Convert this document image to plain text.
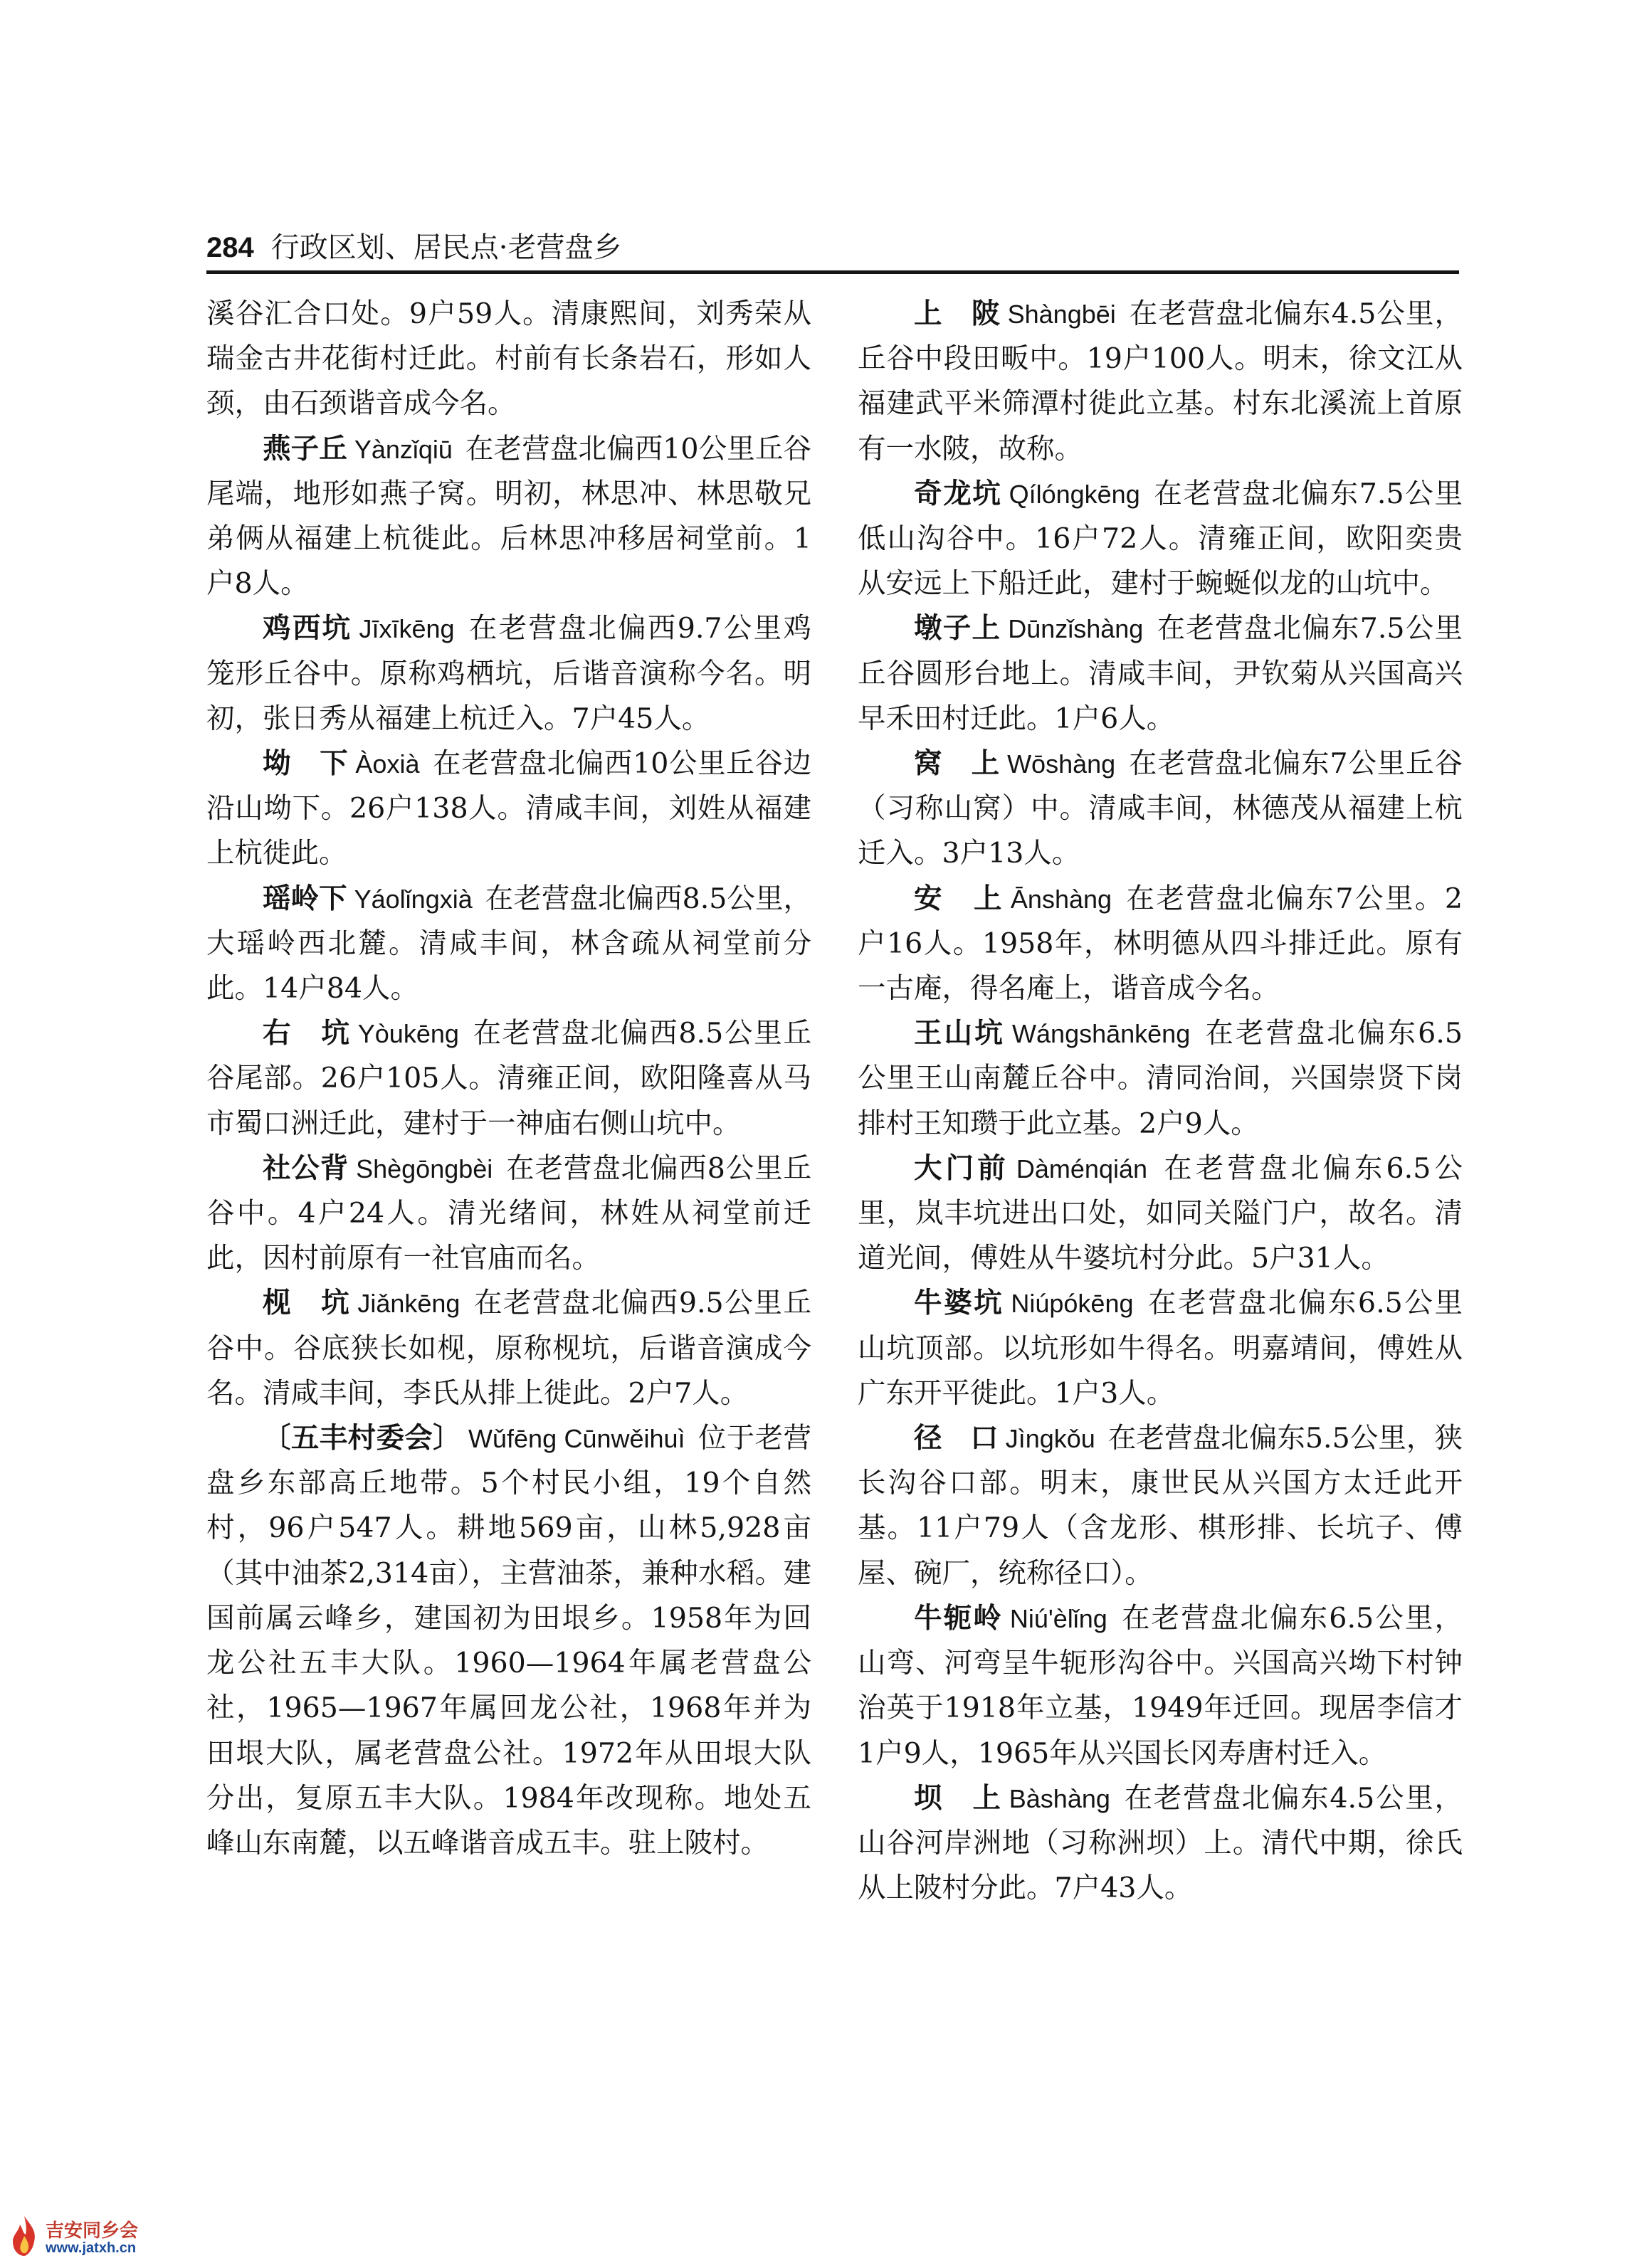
284 行政区划、居民点·老营盘乡

溪谷汇合口处。9户59人。清康熙间，刘秀荣从瑞金古井花街村迁此。村前有长条岩石，形如人颈，由石颈谐音成今名。

燕子丘 Yànzǐqiū 在老营盘北偏西10公里丘谷尾端，地形如燕子窝。明初，林思冲、林思敬兄弟俩从福建上杭徙此。后林思冲移居祠堂前。1户8人。

鸡西坑 Jīxīkēng 在老营盘北偏西9.7公里鸡笼形丘谷中。原称鸡栖坑，后谐音演称今名。明初，张日秀从福建上杭迁入。7户45人。

坳　下 Àoxià 在老营盘北偏西10公里丘谷边沿山坳下。26户138人。清咸丰间，刘姓从福建上杭徙此。

瑶岭下 Yáolǐngxià 在老营盘北偏西8.5公里，大瑶岭西北麓。清咸丰间，林含疏从祠堂前分此。14户84人。

右　坑 Yòukēng 在老营盘北偏西8.5公里丘谷尾部。26户105人。清雍正间，欧阳隆喜从马市蜀口洲迁此，建村于一神庙右侧山坑中。

社公背 Shègōngbèi 在老营盘北偏西8公里丘谷中。4户24人。清光绪间，林姓从祠堂前迁此，因村前原有一社官庙而名。

枧　坑 Jiǎnkēng 在老营盘北偏西9.5公里丘谷中。谷底狭长如枧，原称枧坑，后谐音演成今名。清咸丰间，李氏从排上徙此。2户7人。

〔五丰村委会〕 Wǔfēng Cūnwěihuì 位于老营盘乡东部高丘地带。5个村民小组，19个自然村，96户547人。耕地569亩，山林5,928亩（其中油茶2,314亩），主营油茶，兼种水稻。建国前属云峰乡，建国初为田垠乡。1958年为回龙公社五丰大队。1960—1964年属老营盘公社，1965—1967年属回龙公社，1968年并为田垠大队，属老营盘公社。1972年从田垠大队分出，复原五丰大队。1984年改现称。地处五峰山东南麓，以五峰谐音成五丰。驻上陂村。

上　陂 Shàngbēi 在老营盘北偏东4.5公里，丘谷中段田畈中。19户100人。明末，徐文江从福建武平米筛潭村徙此立基。村东北溪流上首原有一水陂，故称。

奇龙坑 Qílóngkēng 在老营盘北偏东7.5公里低山沟谷中。16户72人。清雍正间，欧阳奕贵从安远上下船迁此，建村于蜿蜒似龙的山坑中。

墩子上 Dūnzǐshàng 在老营盘北偏东7.5公里丘谷圆形台地上。清咸丰间，尹钦菊从兴国高兴早禾田村迁此。1户6人。

窝　上 Wōshàng 在老营盘北偏东7公里丘谷（习称山窝）中。清咸丰间，林德茂从福建上杭迁入。3户13人。

安　上 Ānshàng 在老营盘北偏东7公里。2户16人。1958年，林明德从四斗排迁此。原有一古庵，得名庵上，谐音成今名。

王山坑 Wángshānkēng 在老营盘北偏东6.5公里王山南麓丘谷中。清同治间，兴国崇贤下岗排村王知瓒于此立基。2户9人。

大门前 Dàménqián 在老营盘北偏东6.5公里，岚丰坑进出口处，如同关隘门户，故名。清道光间，傅姓从牛婆坑村分此。5户31人。

牛婆坑 Niúpókēng 在老营盘北偏东6.5公里山坑顶部。以坑形如牛得名。明嘉靖间，傅姓从广东开平徙此。1户3人。

径　口 Jìngkǒu 在老营盘北偏东5.5公里，狭长沟谷口部。明末，康世民从兴国方太迁此开基。11户79人（含龙形、棋形排、长坑子、傅屋、碗厂，统称径口）。

牛轭岭 Niú'èlǐng 在老营盘北偏东6.5公里，山弯、河弯呈牛轭形沟谷中。兴国高兴坳下村钟治英于1918年立基，1949年迁回。现居李信才1户9人，1965年从兴国长冈寿唐村迁入。

坝　上 Bàshàng 在老营盘北偏东4.5公里，山谷河岸洲地（习称洲坝）上。清代中期，徐氏从上陂村分此。7户43人。

吉安同乡会
www.jatxh.cn
